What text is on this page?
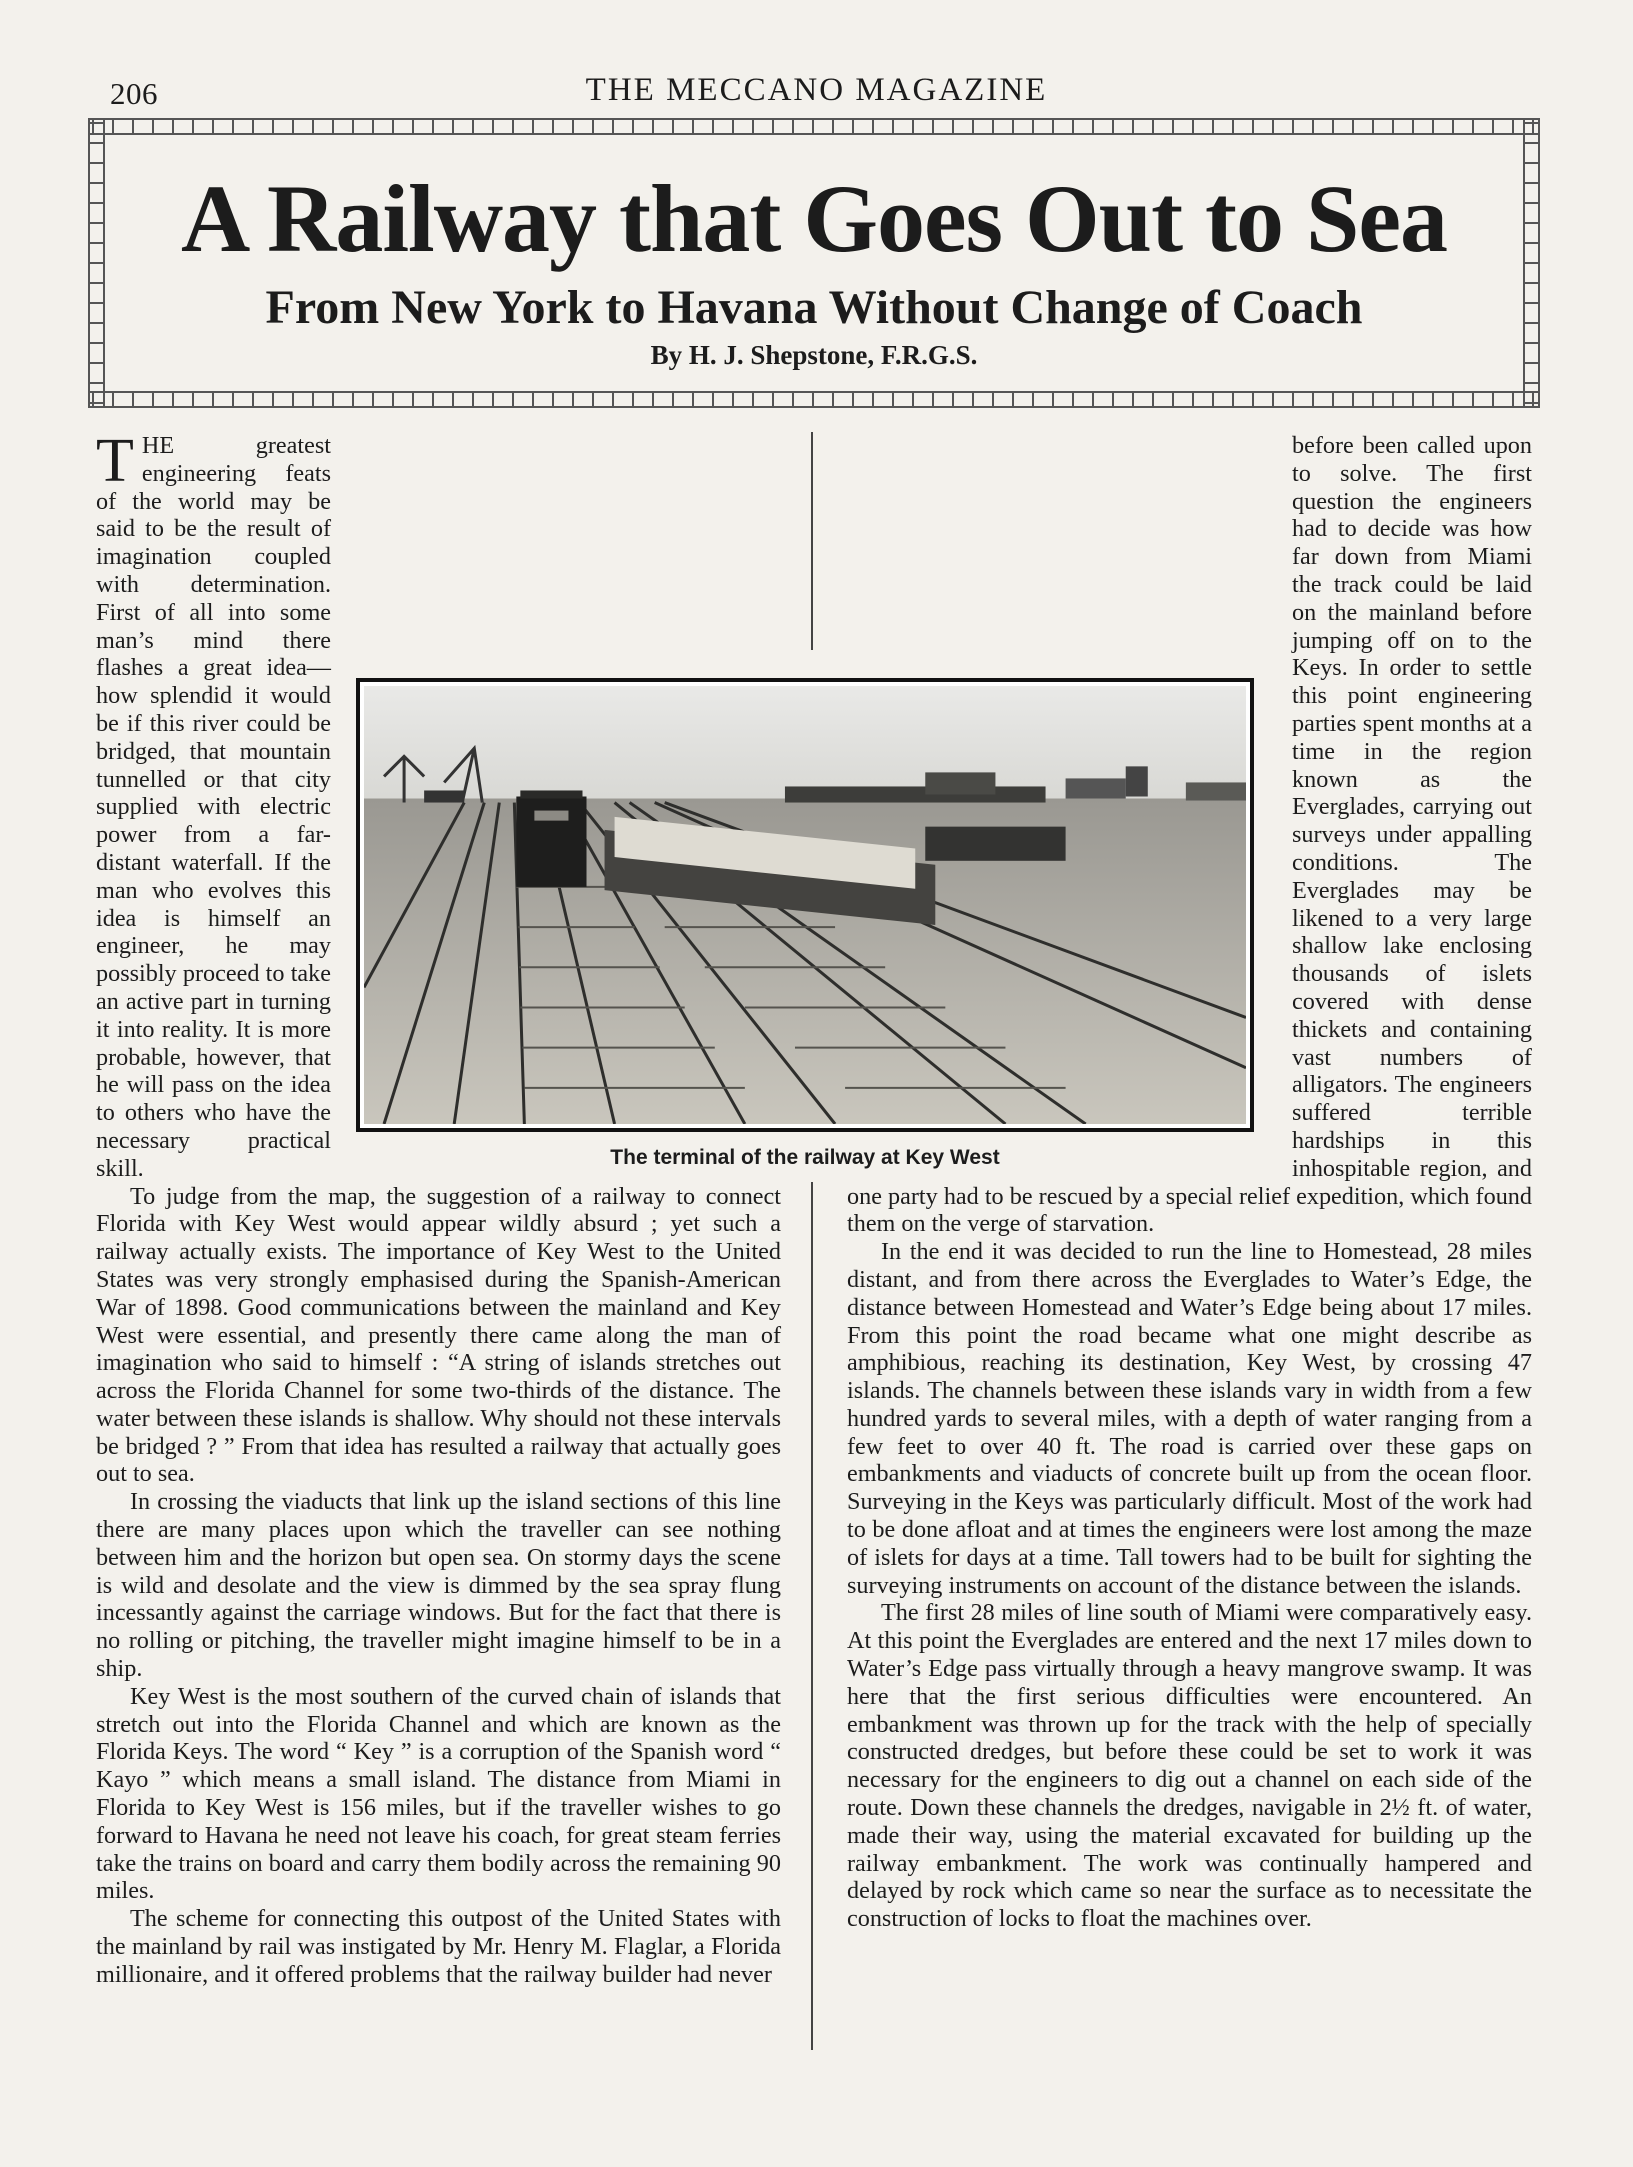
206	THE MECCANO MAGAZINE
A Railway that Goes Out to Sea
From New York to Havana Without Change of Coach
By H. J. Shepstone, F.R.G.S.

THE greatest engineering feats of the world may be said to be the result of imagination coupled with determination. First of all into some man’s mind there flashes a great idea—how splendid it would be if this river could be bridged, that mountain tunnelled or that city supplied with electric power from a far-distant waterfall. If the man who evolves this idea is himself an engineer, he may possibly proceed to take an active part in turning it into reality. It is more probable, however, that he will pass on the idea to others who have the necessary practical skill.

To judge from the map, the suggestion of a railway to connect Florida with Key West would appear wildly absurd ; yet such a railway actually exists. The importance of Key West to the United States was very strongly emphasised during the Spanish-American War of 1898. Good communications between the mainland and Key West were essential, and presently there came along the man of imagination who said to himself : “A string of islands stretches out across the Florida Channel for some two-thirds of the distance. The water between these islands is shallow. Why should not these intervals be bridged ? ” From that idea has resulted a railway that actually goes out to sea.

In crossing the viaducts that link up the island sections of this line there are many places upon which the traveller can see nothing between him and the horizon but open sea. On stormy days the scene is wild and desolate and the view is dimmed by the sea spray flung incessantly against the carriage windows. But for the fact that there is no rolling or pitching, the traveller might imagine himself to be in a ship.

Key West is the most southern of the curved chain of islands that stretch out into the Florida Channel and which are known as the Florida Keys. The word “ Key ” is a corruption of the Spanish word “ Kayo ” which means a small island. The distance from Miami in Florida to Key West is 156 miles, but if the traveller wishes to go forward to Havana he need not leave his coach, for great steam ferries take the trains on board and carry them bodily across the remaining 90 miles.

The scheme for connecting this outpost of the United States with the mainland by rail was instigated by Mr. Henry M. Flaglar, a Florida millionaire, and it offered problems that the railway builder had never

before been called upon to solve. The first question the engineers had to decide was how far down from Miami the track could be laid on the mainland before jumping off on to the Keys. In order to settle this point engineering parties spent months at a time in the region known as the Everglades, carrying out surveys under appalling conditions. The Everglades may be likened to a very large shallow lake enclosing thousands of islets covered with dense thickets and containing vast numbers of alligators. The engineers suffered terrible hardships in this inhospitable region, and one party had to be rescued by a special relief expedition, which found them on the verge of starvation.

In the end it was decided to run the line to Homestead, 28 miles distant, and from there across the Everglades to Water’s Edge, the distance between Homestead and Water’s Edge being about 17 miles. From this point the road became what one might describe as amphibious, reaching its destination, Key West, by crossing 47 islands. The channels between these islands vary in width from a few hundred yards to several miles, with a depth of water ranging from a few feet to over 40 ft. The road is carried over these gaps on embankments and viaducts of concrete built up from the ocean floor. Surveying in the Keys was particularly difficult. Most of the work had to be done afloat and at times the engineers were lost among the maze of islets for days at a time. Tall towers had to be built for sighting the surveying instruments on account of the distance between the islands.

The first 28 miles of line south of Miami were comparatively easy. At this point the Everglades are entered and the next 17 miles down to Water’s Edge pass virtually through a heavy mangrove swamp. It was here that the first serious difficulties were encountered. An embankment was thrown up for the track with the help of specially constructed dredges, but before these could be set to work it was necessary for the engineers to dig out a channel on each side of the route. Down these channels the dredges, navigable in 2½ ft. of water, made their way, using the material excavated for building up the railway embankment. The work was continually hampered and delayed by rock which came so near the surface as to necessitate the construction of locks to float the machines over.

The terminal of the railway at Key West
